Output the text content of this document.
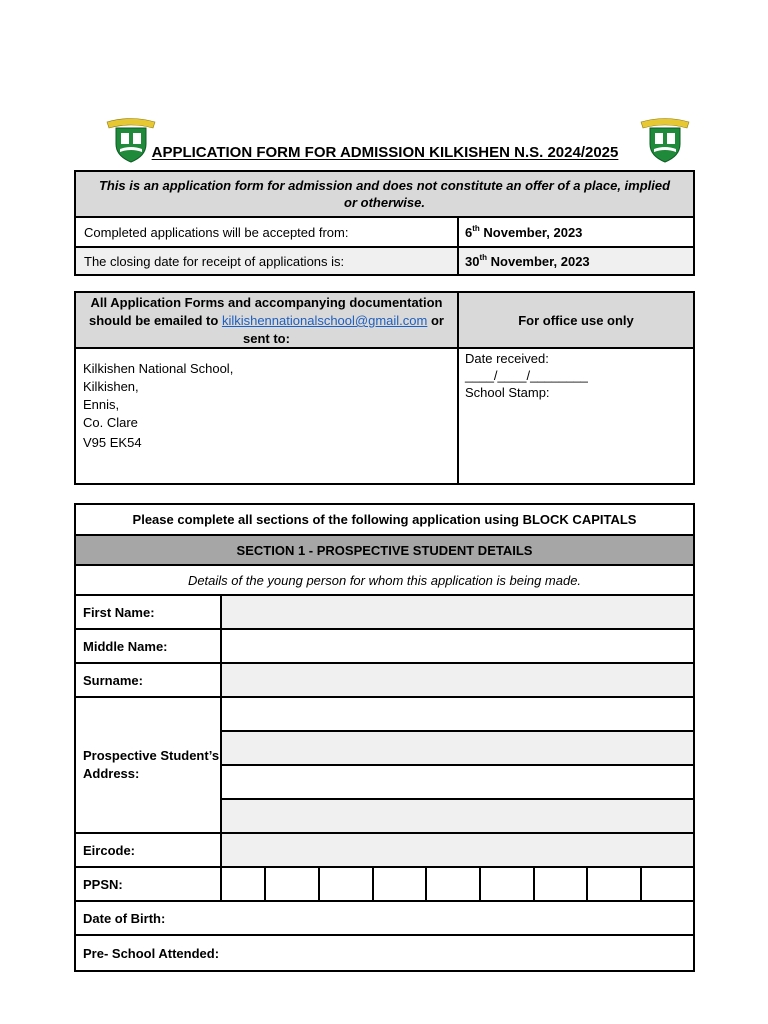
APPLICATION FORM FOR ADMISSION KILKISHEN N.S. 2024/2025
This is an application form for admission and does not constitute an offer of a place, implied or otherwise.
Completed applications will be accepted from:	6th November, 2023
The closing date for receipt of applications is:	30th November, 2023
All Application Forms and accompanying documentation should be emailed to kilkishennationalschool@gmail.com or sent to:
For office use only
Kilkishen National School,
Kilkishen,
Ennis,
Co. Clare
V95 EK54
Date received:
____/____/________
School Stamp:
Please complete all sections of the following application using BLOCK CAPITALS
SECTION 1 - PROSPECTIVE STUDENT DETAILS
Details of the young person for whom this application is being made.
First Name:
Middle Name:
Surname:
Prospective Student’s Address:
Eircode:
PPSN:
Date of Birth:
Pre- School Attended:
